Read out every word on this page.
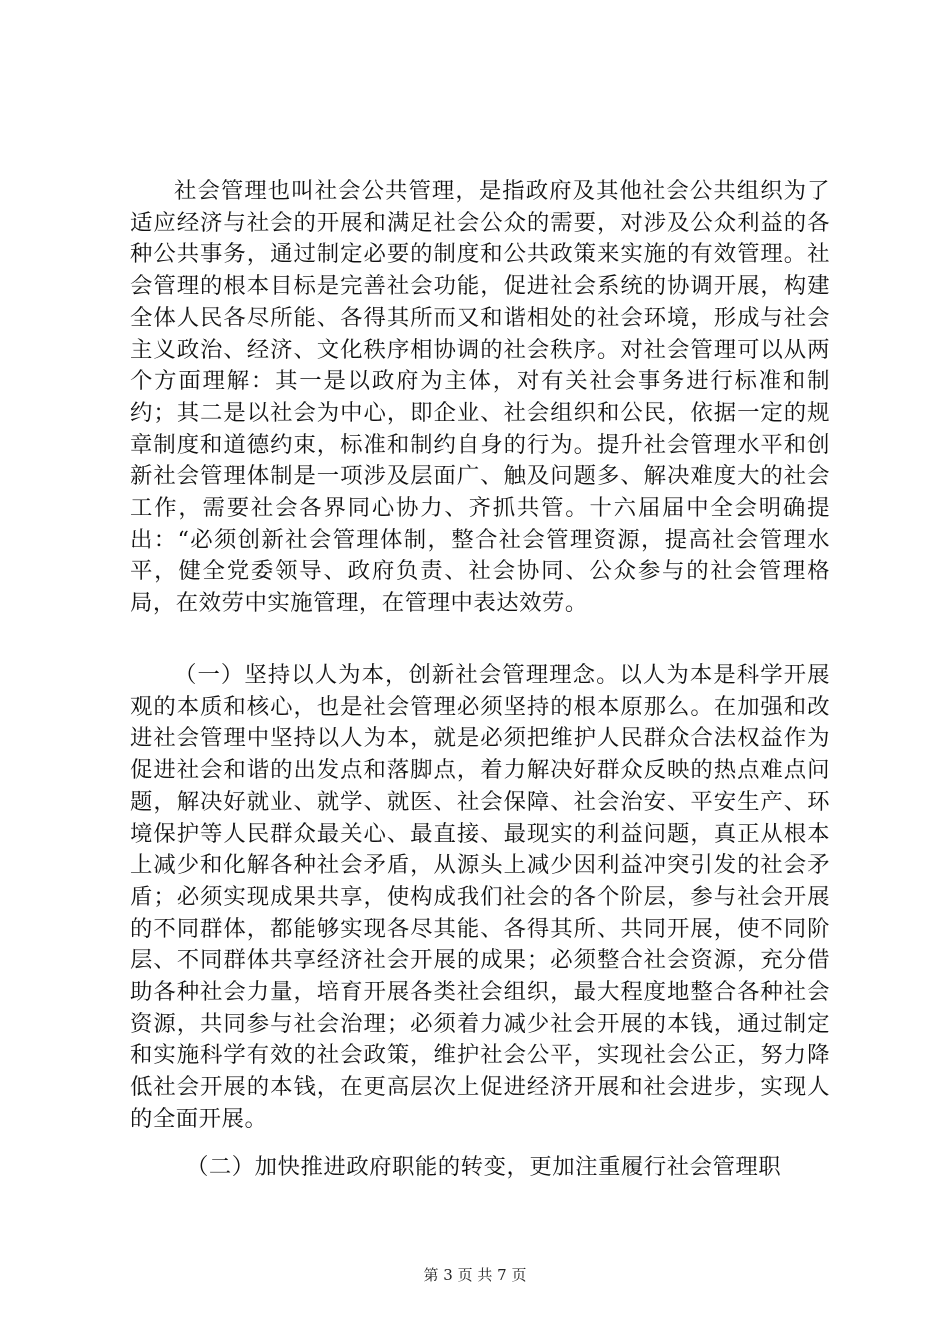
社会管理也叫社会公共管理，是指政府及其他社会公共组织为了适应经济与社会的开展和满足社会公众的需要，对涉及公众利益的各种公共事务，通过制定必要的制度和公共政策来实施的有效管理。社会管理的根本目标是完善社会功能，促进社会系统的协调开展，构建全体人民各尽所能、各得其所而又和谐相处的社会环境，形成与社会主义政治、经济、文化秩序相协调的社会秩序。对社会管理可以从两个方面理解：其一是以政府为主体，对有关社会事务进行标准和制约；其二是以社会为中心，即企业、社会组织和公民，依据一定的规章制度和道德约束，标准和制约自身的行为。提升社会管理水平和创新社会管理体制是一项涉及层面广、触及问题多、解决难度大的社会工作，需要社会各界同心协力、齐抓共管。十六届届中全会明确提出：“必须创新社会管理体制，整合社会管理资源，提高社会管理水平，健全党委领导、政府负责、社会协同、公众参与的社会管理格局，在效劳中实施管理，在管理中表达效劳。

（一）坚持以人为本，创新社会管理理念。以人为本是科学开展观的本质和核心，也是社会管理必须坚持的根本原那么。在加强和改进社会管理中坚持以人为本，就是必须把维护人民群众合法权益作为促进社会和谐的出发点和落脚点，着力解决好群众反映的热点难点问题，解决好就业、就学、就医、社会保障、社会治安、平安生产、环境保护等人民群众最关心、最直接、最现实的利益问题，真正从根本上减少和化解各种社会矛盾，从源头上减少因利益冲突引发的社会矛盾；必须实现成果共享，使构成我们社会的各个阶层，参与社会开展的不同群体，都能够实现各尽其能、各得其所、共同开展，使不同阶层、不同群体共享经济社会开展的成果；必须整合社会资源，充分借助各种社会力量，培育开展各类社会组织，最大程度地整合各种社会资源，共同参与社会治理；必须着力减少社会开展的本钱，通过制定和实施科学有效的社会政策，维护社会公平，实现社会公正，努力降低社会开展的本钱，在更高层次上促进经济开展和社会进步，实现人的全面开展。

（二）加快推进政府职能的转变，更加注重履行社会管理职

第 3 页 共 7 页
